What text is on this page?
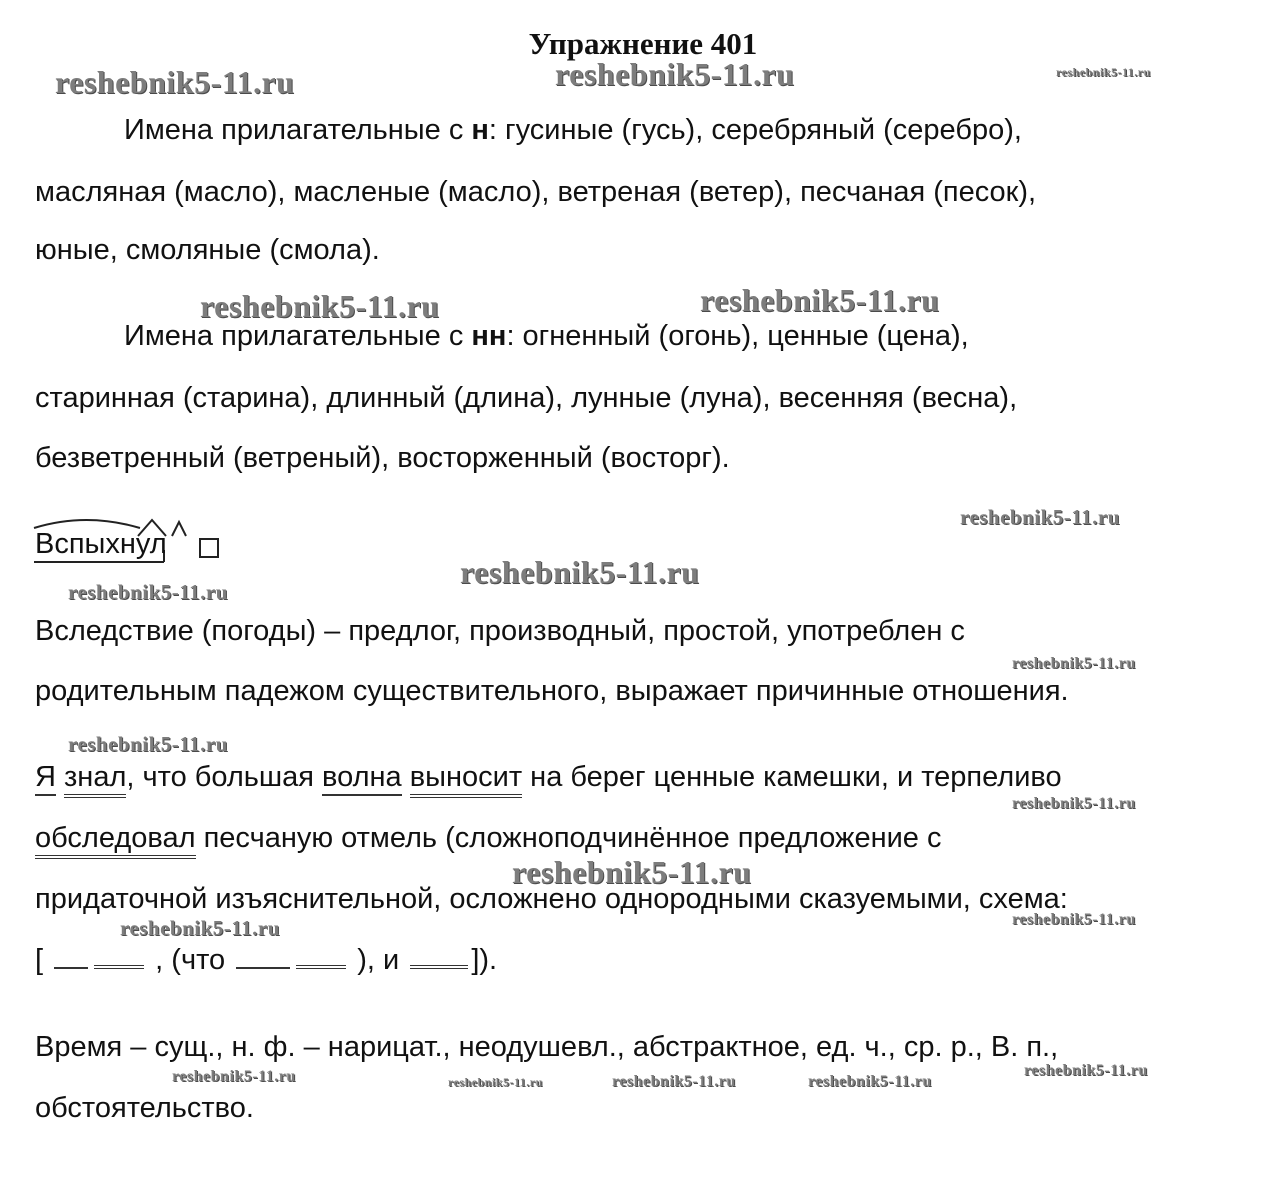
Упражнение 401
Имена прилагательные с н: гусиные (гусь), серебряный (серебро),
масляная (масло), масленые (масло), ветреная (ветер), песчаная (песок),
юные, смоляные (смола).
Имена прилагательные с нн: огненный (огонь), ценные (цена),
старинная (старина), длинный (длина), лунные (луна), весенняя (весна),
безветренный (ветреный), восторженный (восторг).
Вспыхнул
Вследствие (погоды) – предлог, производный, простой, употреблен с
родительным падежом существительного, выражает причинные отношения.
Я знал, что большая волна выносит на берег ценные камешки, и терпеливо
обследовал песчаную отмель (сложноподчинённое предложение с
придаточной изъяснительной, осложнено однородными сказуемыми, схема:
[	, (что	), и ]).
Время – сущ., н. ф. – нарицат., неодушевл., абстрактное, ед. ч., ср. р., В. п.,
обстоятельство.
reshebnik5-11.ru	reshebnik5-11.ru	reshebnik5-11.ru
reshebnik5-11.ru	reshebnik5-11.ru
reshebnik5-11.ru
reshebnik5-11.ru
reshebnik5-11.ru
reshebnik5-11.ru
reshebnik5-11.ru
reshebnik5-11.ru
reshebnik5-11.ru
reshebnik5-11.ru	reshebnik5-11.ru
reshebnik5-11.ru
reshebnik5-11.ru	reshebnik5-11.ru	reshebnik5-11.ru	reshebnik5-11.ru
